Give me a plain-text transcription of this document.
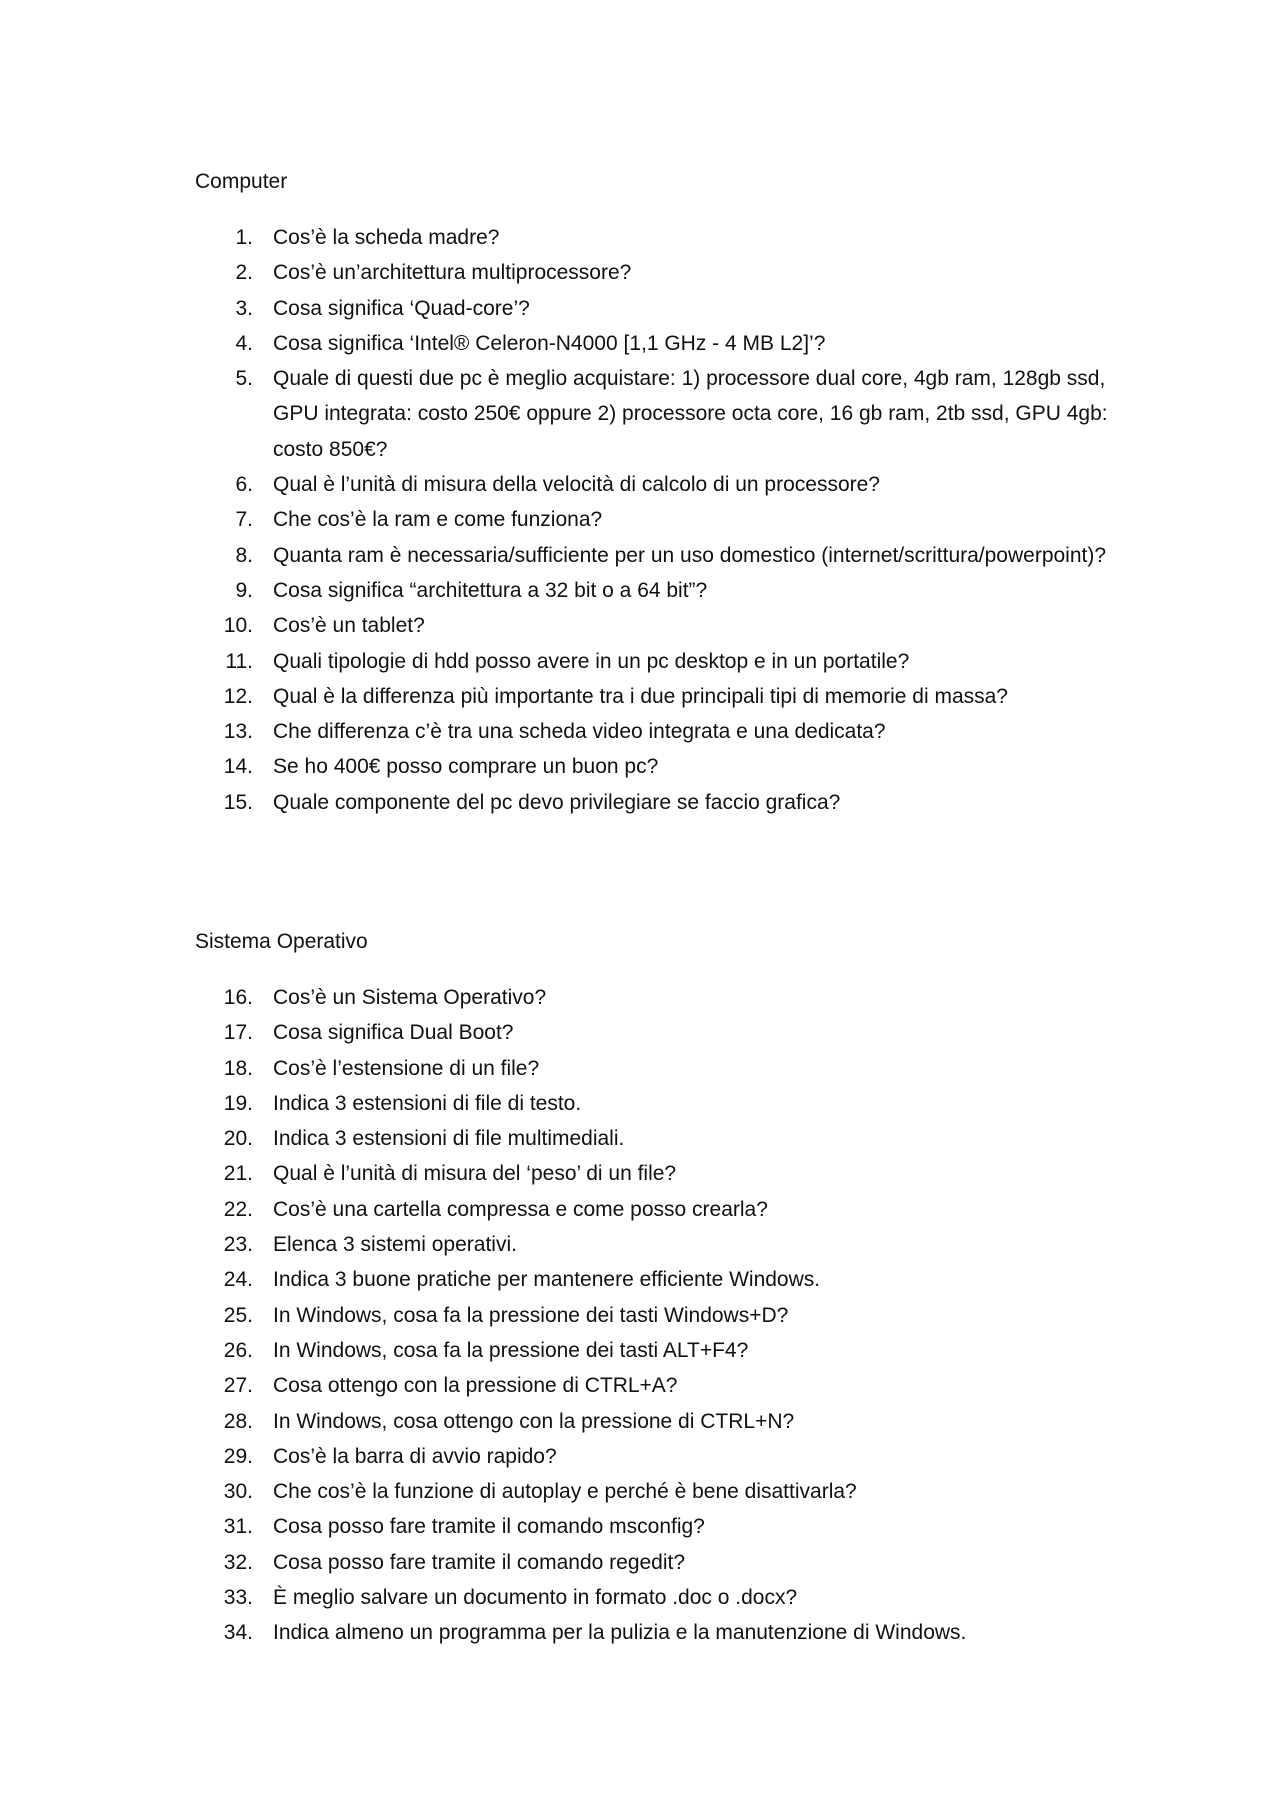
Computer
1. Cos’è la scheda madre?
2. Cos’è un’architettura multiprocessore?
3. Cosa significa ‘Quad-core’?
4. Cosa significa ‘Intel® Celeron-N4000 [1,1 GHz - 4 MB L2]’?
5. Quale di questi due pc è meglio acquistare: 1) processore dual core, 4gb ram, 128gb ssd, GPU integrata: costo 250€ oppure 2) processore octa core, 16 gb ram, 2tb ssd, GPU 4gb: costo 850€?
6. Qual è l’unità di misura della velocità di calcolo di un processore?
7. Che cos’è la ram e come funziona?
8. Quanta ram è necessaria/sufficiente per un uso domestico (internet/scrittura/powerpoint)?
9. Cosa significa “architettura a 32 bit o a 64 bit”?
10. Cos’è un tablet?
11. Quali tipologie di hdd posso avere in un pc desktop e in un portatile?
12. Qual è la differenza più importante tra i due principali tipi di memorie di massa?
13. Che differenza c’è tra una scheda video integrata e una dedicata?
14. Se ho 400€ posso comprare un buon pc?
15. Quale componente del pc devo privilegiare se faccio grafica?
Sistema Operativo
16. Cos’è un Sistema Operativo?
17. Cosa significa Dual Boot?
18. Cos’è l’estensione di un file?
19. Indica 3 estensioni di file di testo.
20. Indica 3 estensioni di file multimediali.
21. Qual è l’unità di misura del ‘peso’ di un file?
22. Cos’è una cartella compressa e come posso crearla?
23. Elenca 3 sistemi operativi.
24. Indica 3 buone pratiche per mantenere efficiente Windows.
25. In Windows, cosa fa la pressione dei tasti Windows+D?
26. In Windows, cosa fa la pressione dei tasti ALT+F4?
27. Cosa ottengo con la pressione di CTRL+A?
28. In Windows, cosa ottengo con la pressione di CTRL+N?
29. Cos’è la barra di avvio rapido?
30. Che cos’è la funzione di autoplay e perché è bene disattivarla?
31. Cosa posso fare tramite il comando msconfig?
32. Cosa posso fare tramite il comando regedit?
33. È meglio salvare un documento in formato .doc o .docx?
34. Indica almeno un programma per la pulizia e la manutenzione di Windows.
